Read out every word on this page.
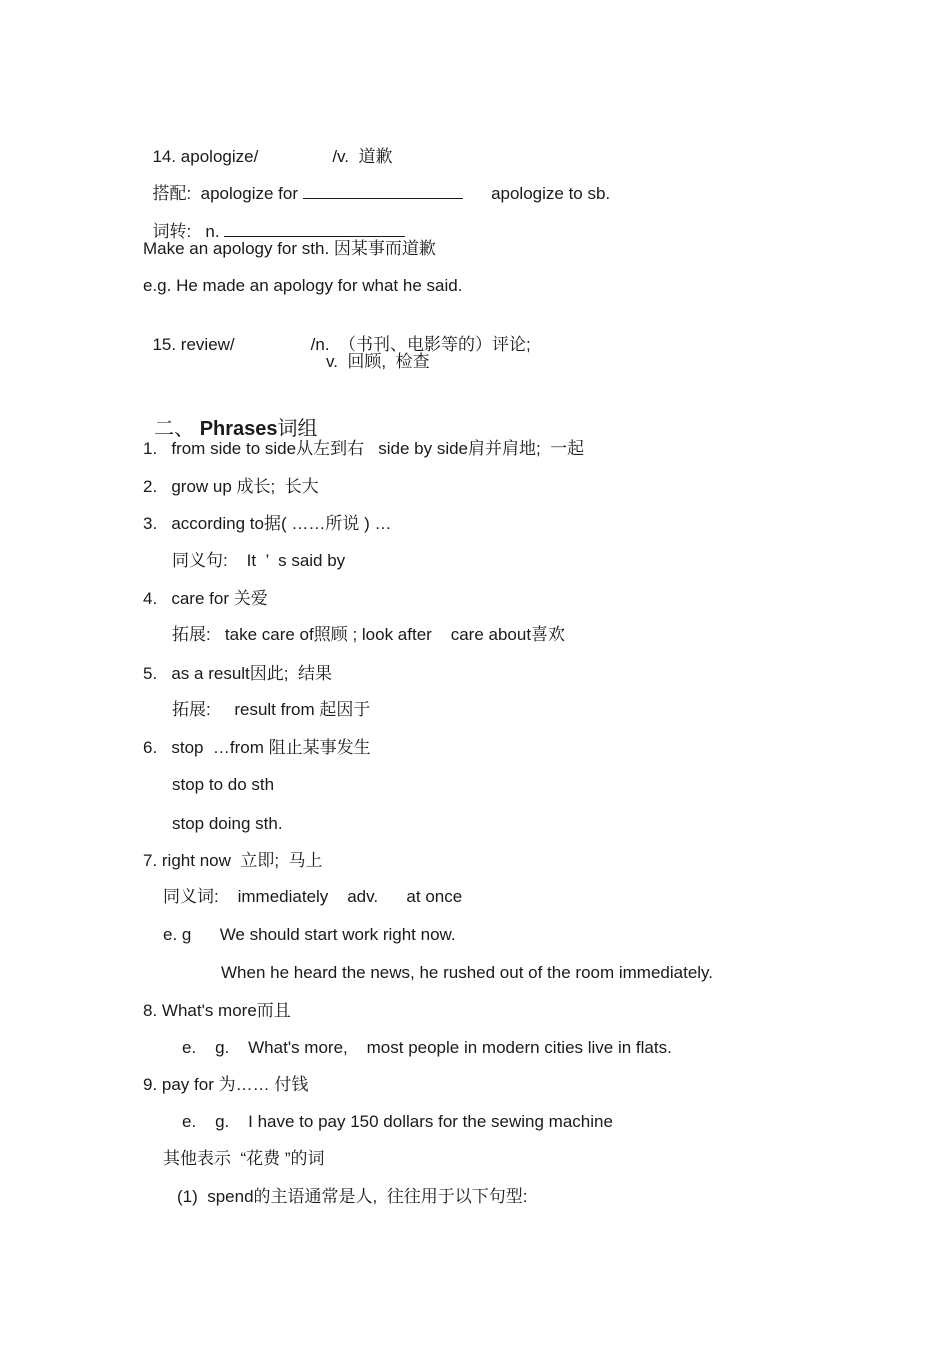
14. apologize/	/v.  道歉

搭配: apologize for	apologize to sb.

词转: n.

Make an apology for sth. 因某事而道歉
e.g. He made an apology for what he said.

15. review/	/n.  （书刊、电影等的）评论;

v.  回顾,  检查

二、 Phrases词组

1.   from side to side从左到右   side by side肩并肩地;  一起
2.   grow up 成长;  长大
3.   according to据( ……所说 ) …
同义句:    It  ’  s said by
4.   care for 关爱
拓展:   take care of照顾 ; look after    care about喜欢
5.   as a result因此;  结果
拓展:     result from 起因于
6.   stop  …from 阻止某事发生
stop to do sth
stop doing sth.
7. right now  立即;  马上
同义词:    immediately    adv.      at once
e. g      We should start work right now.
When he heard the news, he rushed out of the room immediately.
8. What's more而且
e.    g.    What's more,    most people in modern cities live in flats.
9. pay for 为…… 付钱
e.    g.    I have to pay 150 dollars for the sewing machine
其他表示  “花费 ”的词
(1)  spend的主语通常是人,  往往用于以下句型:
